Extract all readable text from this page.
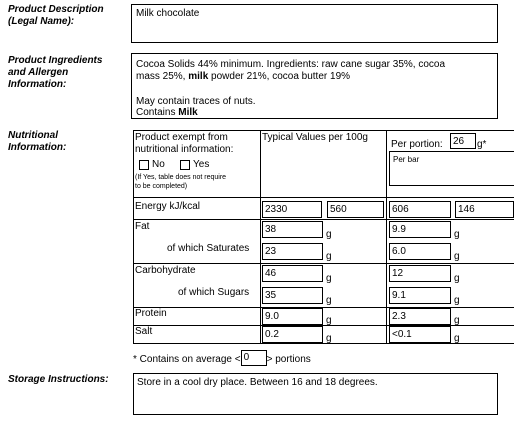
Product Description
(Legal Name):
Milk chocolate
Product Ingredients
and Allergen
Information:
Cocoa Solids 44% minimum. Ingredients: raw cane sugar 35%, cocoa
mass 25%, milk powder 21%, cocoa butter 19%
May contain traces of nuts.
Contains Milk
Nutritional
Information:
Product exempt from
nutritional information:
No	Yes
(If Yes, table does not require
to be completed)
Typical Values per 100g
Per portion:	26	g*
Per bar
Energy kJ/kcal	2330	560	606	146
Fat	38	g	9.9	g
of which Saturates	23	g	6.0	g
Carbohydrate	46	g	12	g
of which Sugars	35	g	9.1	g
Protein	9.0	g	2.3	g
Salt	0.2	g	<0.1	g
* Contains on average < 0 > portions
Storage Instructions:	Store in a cool dry place. Between 16 and 18 degrees.
